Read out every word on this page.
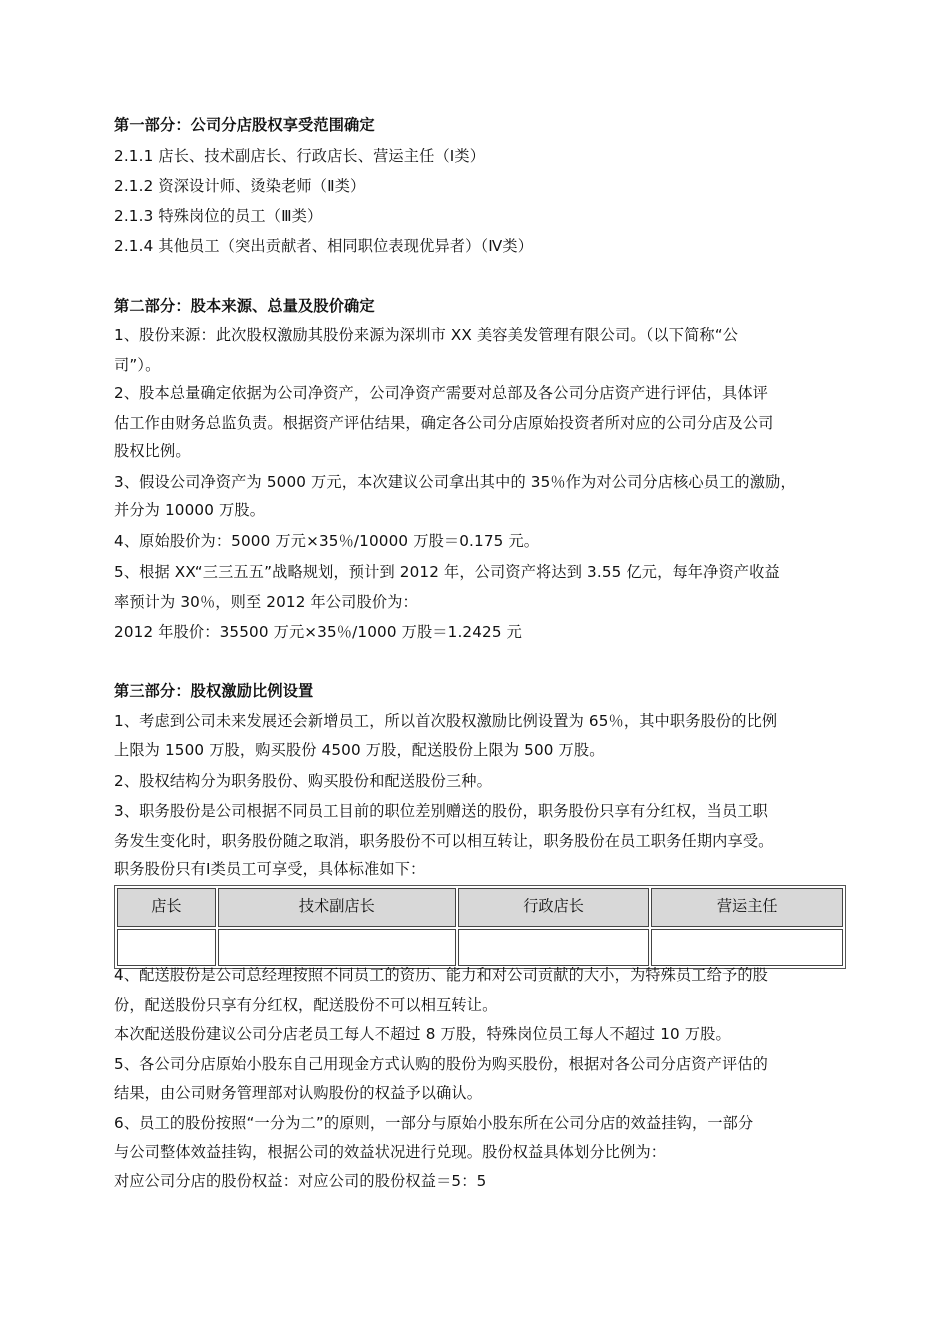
第一部分：公司分店股权享受范围确定
2.1.1 店长、技术副店长、行政店长、营运主任（Ⅰ类）
2.1.2 资深设计师、烫染老师（Ⅱ类）
2.1.3 特殊岗位的员工（Ⅲ类）
2.1.4 其他员工（突出贡献者、相同职位表现优异者）（Ⅳ类）
第二部分：股本来源、总量及股价确定
1、股份来源：此次股权激励其股份来源为深圳市 XX 美容美发管理有限公司。（以下简称“公
司”）。
2、股本总量确定依据为公司净资产，公司净资产需要对总部及各公司分店资产进行评估，具体评
估工作由财务总监负责。根据资产评估结果，确定各公司分店原始投资者所对应的公司分店及公司
股权比例。
3、假设公司净资产为 5000 万元，本次建议公司拿出其中的 35％作为对公司分店核心员工的激励，
并分为 10000 万股。
4、原始股价为：5000 万元×35％/10000 万股＝0.175 元。
5、根据 XX“三三五五”战略规划，预计到 2012 年，公司资产将达到 3.55 亿元，每年净资产收益
率预计为 30％，则至 2012 年公司股价为：
2012 年股价：35500 万元×35％/1000 万股＝1.2425 元
第三部分：股权激励比例设置
1、考虑到公司未来发展还会新增员工，所以首次股权激励比例设置为 65％，其中职务股份的比例
上限为 1500 万股，购买股份 4500 万股，配送股份上限为 500 万股。
2、股权结构分为职务股份、购买股份和配送股份三种。
3、职务股份是公司根据不同员工目前的职位差别赠送的股份，职务股份只享有分红权，当员工职
务发生变化时，职务股份随之取消，职务股份不可以相互转让，职务股份在员工职务任期内享受。
职务股份只有Ⅰ类员工可享受，具体标准如下：
店长	技术副店长	行政店长	营运主任

4、配送股份是公司总经理按照不同员工的资历、能力和对公司贡献的大小，为特殊员工给予的股
份，配送股份只享有分红权，配送股份不可以相互转让。
本次配送股份建议公司分店老员工每人不超过 8 万股，特殊岗位员工每人不超过 10 万股。
5、各公司分店原始小股东自己用现金方式认购的股份为购买股份，根据对各公司分店资产评估的
结果，由公司财务管理部对认购股份的权益予以确认。
6、员工的股份按照“一分为二”的原则，一部分与原始小股东所在公司分店的效益挂钩，一部分
与公司整体效益挂钩，根据公司的效益状况进行兑现。股份权益具体划分比例为：
对应公司分店的股份权益：对应公司的股份权益＝5：5
